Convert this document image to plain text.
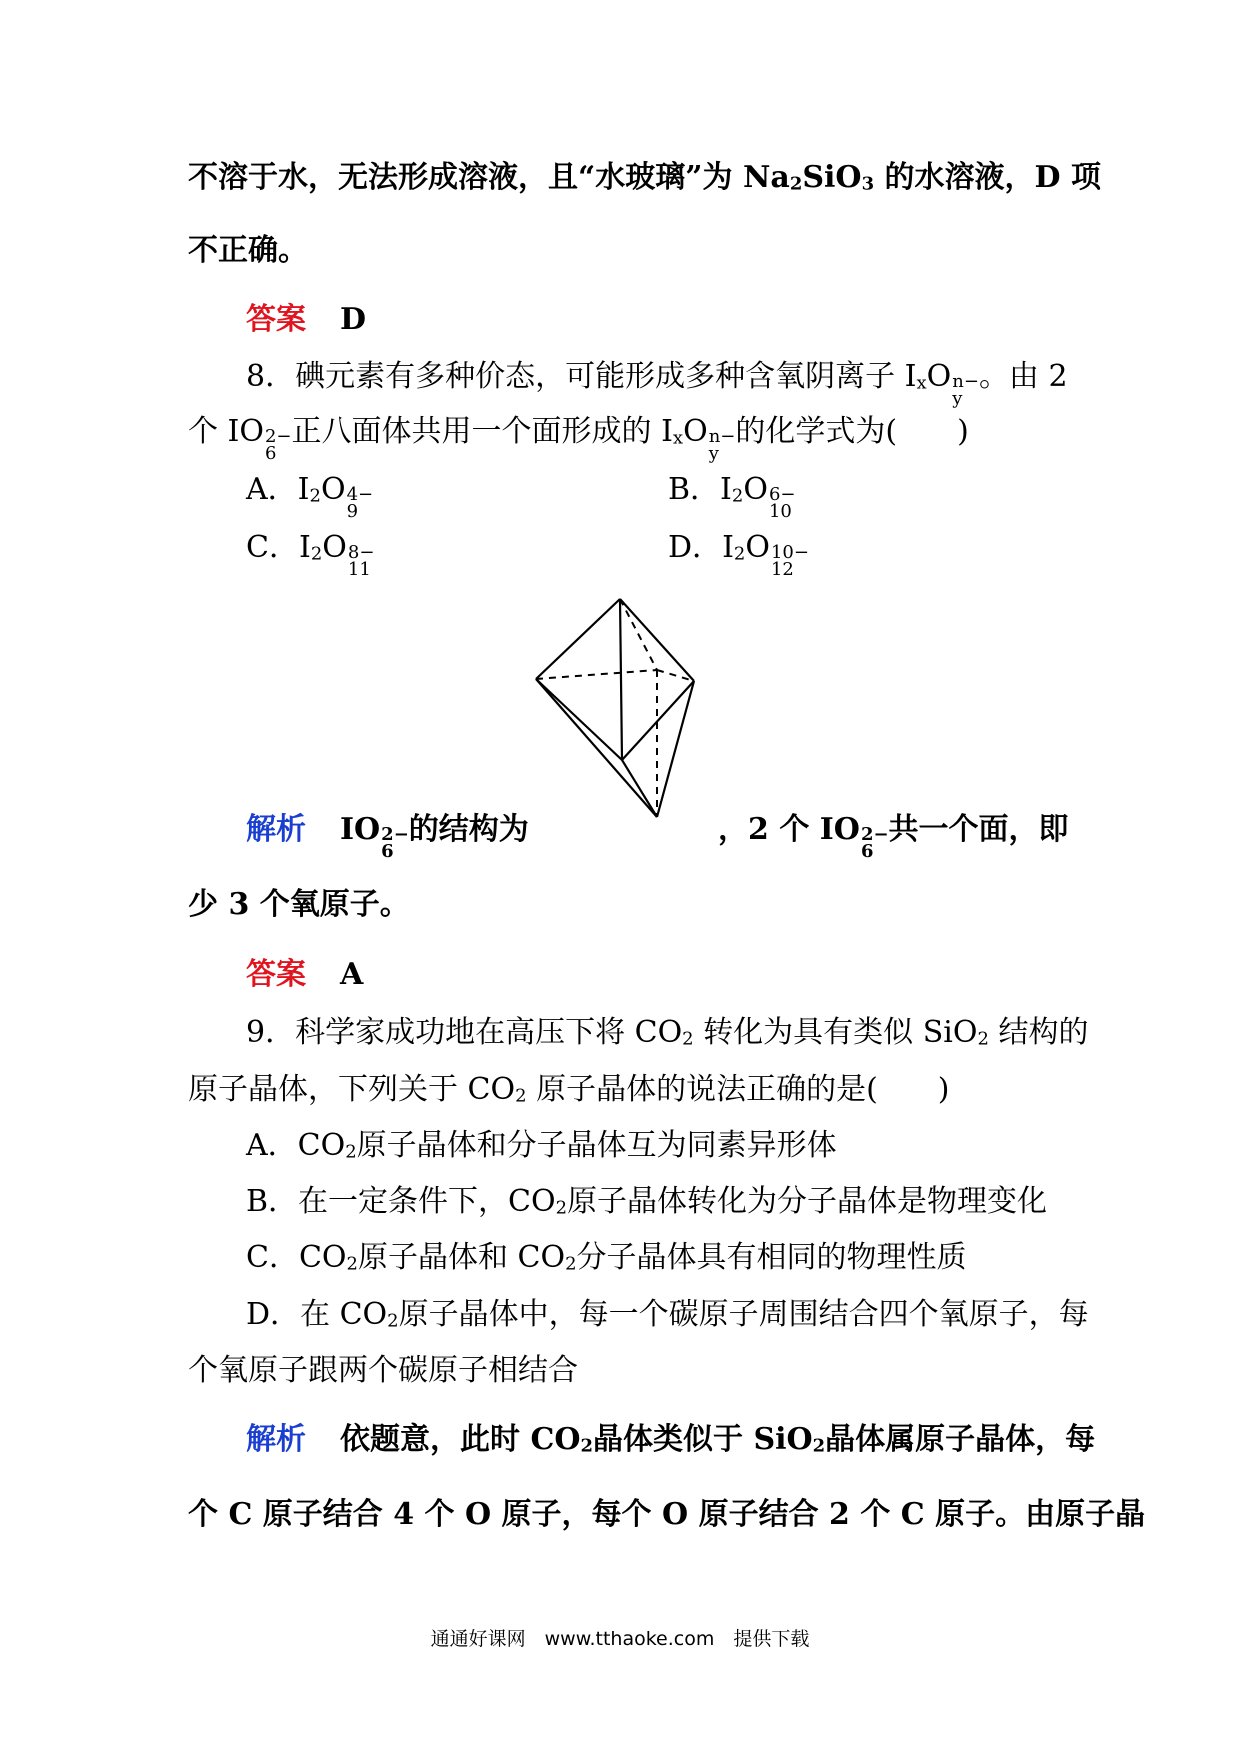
不溶于水，无法形成溶液，且“水玻璃”为 $Na_2SiO_3$ 的水溶液，D 项
不正确。
答案 D
8．碘元素有多种价态，可能形成多种含氧阴离子 $I_xO$ n−
y
。由 2
个 IO 2−
6
正八面体共用一个面形成的 $I_xO$ n−
y
的化学式为(　　)
A．$I_2O$ 4−
9
B．$I_2O$ 6−
10
C．$I_2O$ 8−
11
D．$I_2O$ 10−
12
解析 IO 2−
6
的结构为	，2 个 IO 2−
6
共一个面，即
少 3 个氧原子。
答案 A
9．科学家成功地在高压下将 $CO_2$ 转化为具有类似 SiO$_2$ 结构的
原子晶体，下列关于 $CO_2$ 原子晶体的说法正确的是(　　)
A．$CO_2$原子晶体和分子晶体互为同素异形体
B．在一定条件下，$CO_2$原子晶体转化为分子晶体是物理变化
C．$CO_2$原子晶体和 $CO_2$分子晶体具有相同的物理性质
D．在 $CO_2$原子晶体中，每一个碳原子周围结合四个氧原子，每
个氧原子跟两个碳原子相结合
解析 依题意，此时 $CO_2$晶体类似于 SiO$_2$晶体属原子晶体，每
个 C 原子结合 4 个 O 原子，每个 O 原子结合 2 个 C 原子。由原子晶
通通好课网　www.tthaoke.com　提供下载
